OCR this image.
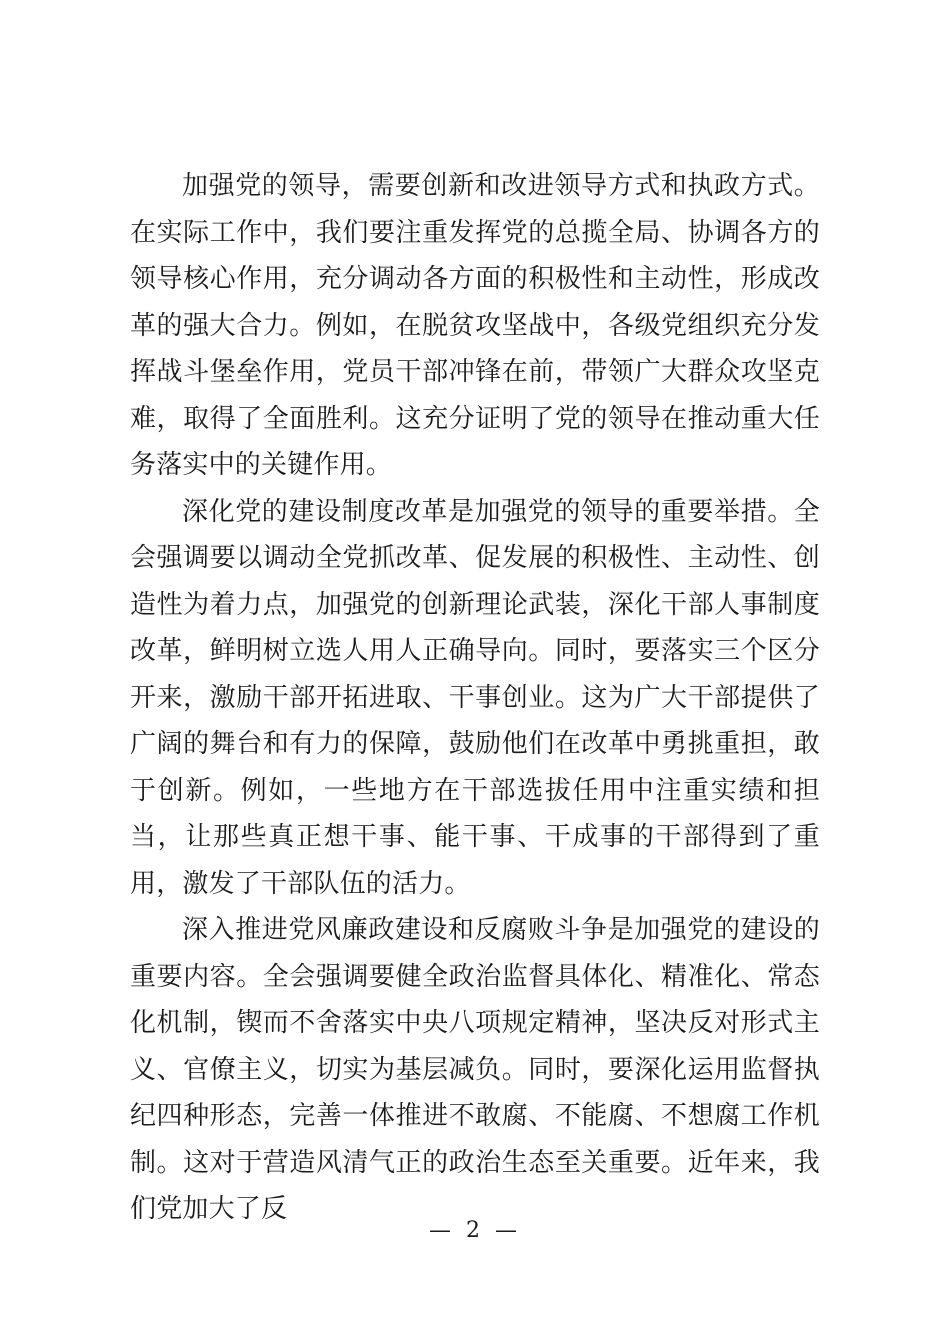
加强党的领导，需要创新和改进领导方式和执政方式。在实际工作中，我们要注重发挥党的总揽全局、协调各方的领导核心作用，充分调动各方面的积极性和主动性，形成改革的强大合力。例如，在脱贫攻坚战中，各级党组织充分发挥战斗堡垒作用，党员干部冲锋在前，带领广大群众攻坚克难，取得了全面胜利。这充分证明了党的领导在推动重大任务落实中的关键作用。

深化党的建设制度改革是加强党的领导的重要举措。全会强调要以调动全党抓改革、促发展的积极性、主动性、创造性为着力点，加强党的创新理论武装，深化干部人事制度改革，鲜明树立选人用人正确导向。同时，要落实三个区分开来，激励干部开拓进取、干事创业。这为广大干部提供了广阔的舞台和有力的保障，鼓励他们在改革中勇挑重担，敢于创新。例如，一些地方在干部选拔任用中注重实绩和担当，让那些真正想干事、能干事、干成事的干部得到了重用，激发了干部队伍的活力。

深入推进党风廉政建设和反腐败斗争是加强党的建设的重要内容。全会强调要健全政治监督具体化、精准化、常态化机制，锲而不舍落实中央八项规定精神，坚决反对形式主义、官僚主义，切实为基层减负。同时，要深化运用监督执纪四种形态，完善一体推进不敢腐、不能腐、不想腐工作机制。这对于营造风清气正的政治生态至关重要。近年来，我们党加大了反

— 2 —
